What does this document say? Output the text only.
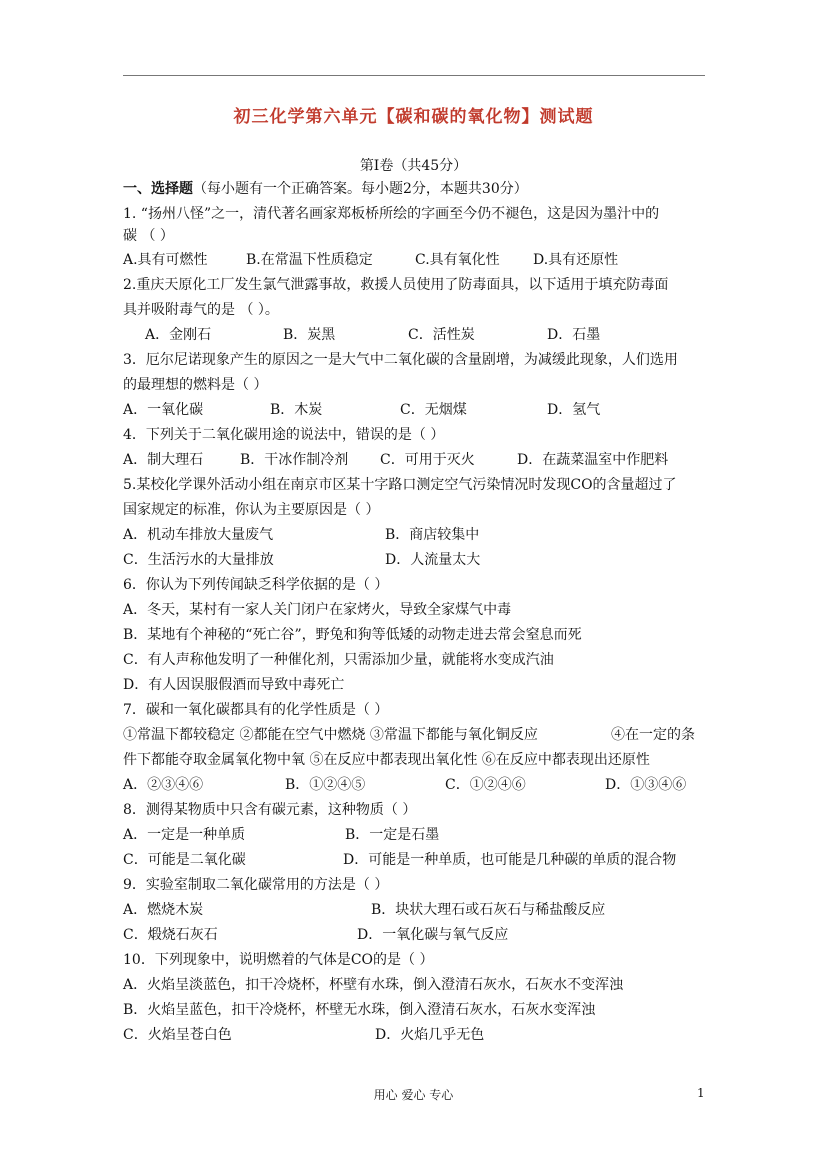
初三化学第六单元【碳和碳的氧化物】测试题
第Ⅰ卷（共45分）
一、选择题（每小题有一个正确答案。每小题2分，本题共30分）
1. “扬州八怪”之一，清代著名画家郑板桥所绘的字画至今仍不褪色，这是因为墨汁中的
碳 （ ）
A.具有可燃性	B.在常温下性质稳定	C.具有氧化性 D.具有还原性
2.重庆天原化工厂发生氯气泄露事故，救援人员使用了防毒面具，以下适用于填充防毒面
具并吸附毒气的是 （ ）。
A．金刚石	B．炭黑	C．活性炭	D．石墨
3．厄尔尼诺现象产生的原因之一是大气中二氧化碳的含量剧增，为减缓此现象，人们选用
的最理想的燃料是（ ）
A．一氧化碳	B．木炭	C．无烟煤	D．氢气
4．下列关于二氧化碳用途的说法中，错误的是（ ）
A．制大理石	B．干冰作制冷剂 C．可用于灭火	D．在蔬菜温室中作肥料
5.某校化学课外活动小组在南京市区某十字路口测定空气污染情况时发现CO的含量超过了
国家规定的标准，你认为主要原因是（ ）
A．机动车排放大量废气	B．商店较集中
C．生活污水的大量排放	D．人流量太大
6．你认为下列传闻缺乏科学依据的是（ ）
A．冬天，某村有一家人关门闭户在家烤火，导致全家煤气中毒
B．某地有个神秘的“死亡谷”，野兔和狗等低矮的动物走进去常会窒息而死
C．有人声称他发明了一种催化剂，只需添加少量，就能将水变成汽油
D．有人因误服假酒而导致中毒死亡
7．碳和一氧化碳都具有的化学性质是（ ）
①常温下都较稳定 ②都能在空气中燃烧 ③常温下都能与氧化铜反应	④在一定的条
件下都能夺取金属氧化物中氧 ⑤在反应中都表现出氧化性 ⑥在反应中都表现出还原性
A．②③④⑥	B．①②④⑤	C．①②④⑥	D．①③④⑥
8．测得某物质中只含有碳元素，这种物质（ ）
A．一定是一种单质	B．一定是石墨
C．可能是二氧化碳	D．可能是一种单质，也可能是几种碳的单质的混合物
9．实验室制取二氧化碳常用的方法是（ ）
A．燃烧木炭	B．块状大理石或石灰石与稀盐酸反应
C．煅烧石灰石	D．一氧化碳与氧气反应
10．下列现象中，说明燃着的气体是CO的是（ ）
A．火焰呈淡蓝色，扣干冷烧杯，杯壁有水珠，倒入澄清石灰水，石灰水不变浑浊
B．火焰呈蓝色，扣干冷烧杯，杯壁无水珠，倒入澄清石灰水，石灰水变浑浊
C．火焰呈苍白色	D．火焰几乎无色
用心 爱心 专心	1
